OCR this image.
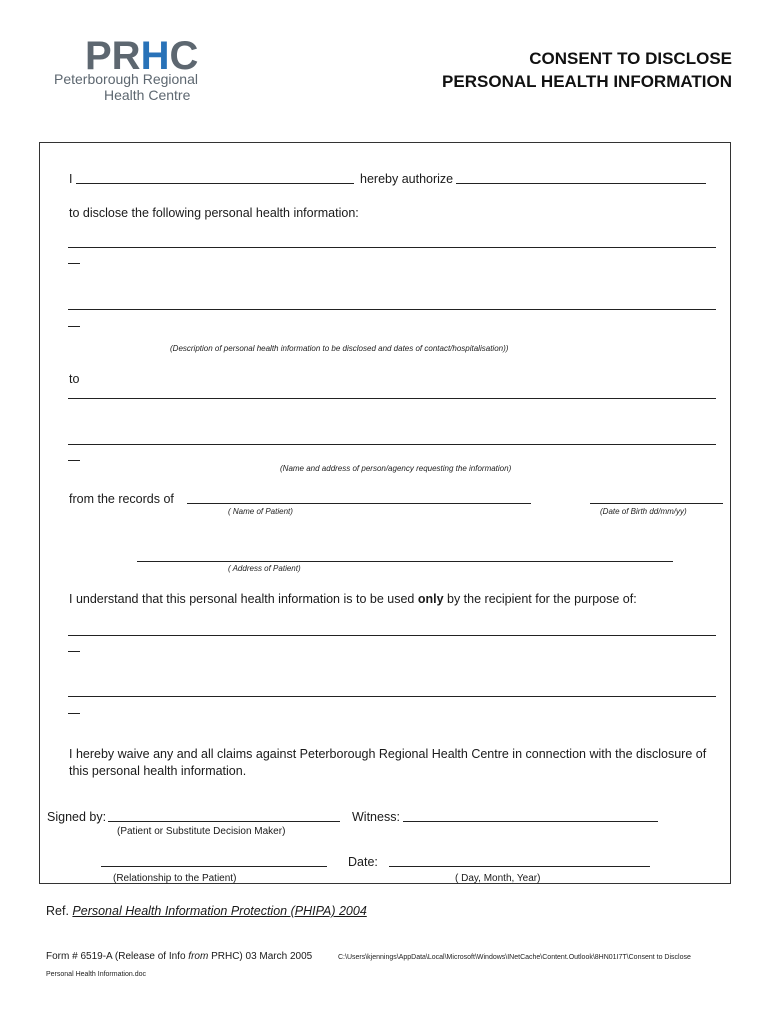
PRHC
Peterborough Regional
Health Centre
CONSENT TO DISCLOSE
PERSONAL HEALTH INFORMATION
I	hereby authorize
to disclose the following personal health information:
(Description of personal health information to be disclosed and dates of contact/hospitalisation))
to
(Name and address of person/agency requesting the information)
from the records of
( Name of Patient)	(Date of Birth dd/mm/yy)
( Address of Patient)
I understand that this personal health information is to be used only by the recipient for the purpose of:
I hereby waive any and all claims against Peterborough Regional Health Centre in connection with the disclosure of
this personal health information.
Signed by:	Witness:
(Patient or Substitute Decision Maker)
Date:
(Relationship to the Patient)	( Day, Month, Year)
Ref. Personal Health Information Protection (PHIPA) 2004
Form # 6519-A (Release of Info from PRHC) 03 March 2005	C:\Users\kjennings\AppData\Local\Microsoft\Windows\INetCache\Content.Outlook\8HN01I7T\Consent to Disclose
Personal Health Information.doc
